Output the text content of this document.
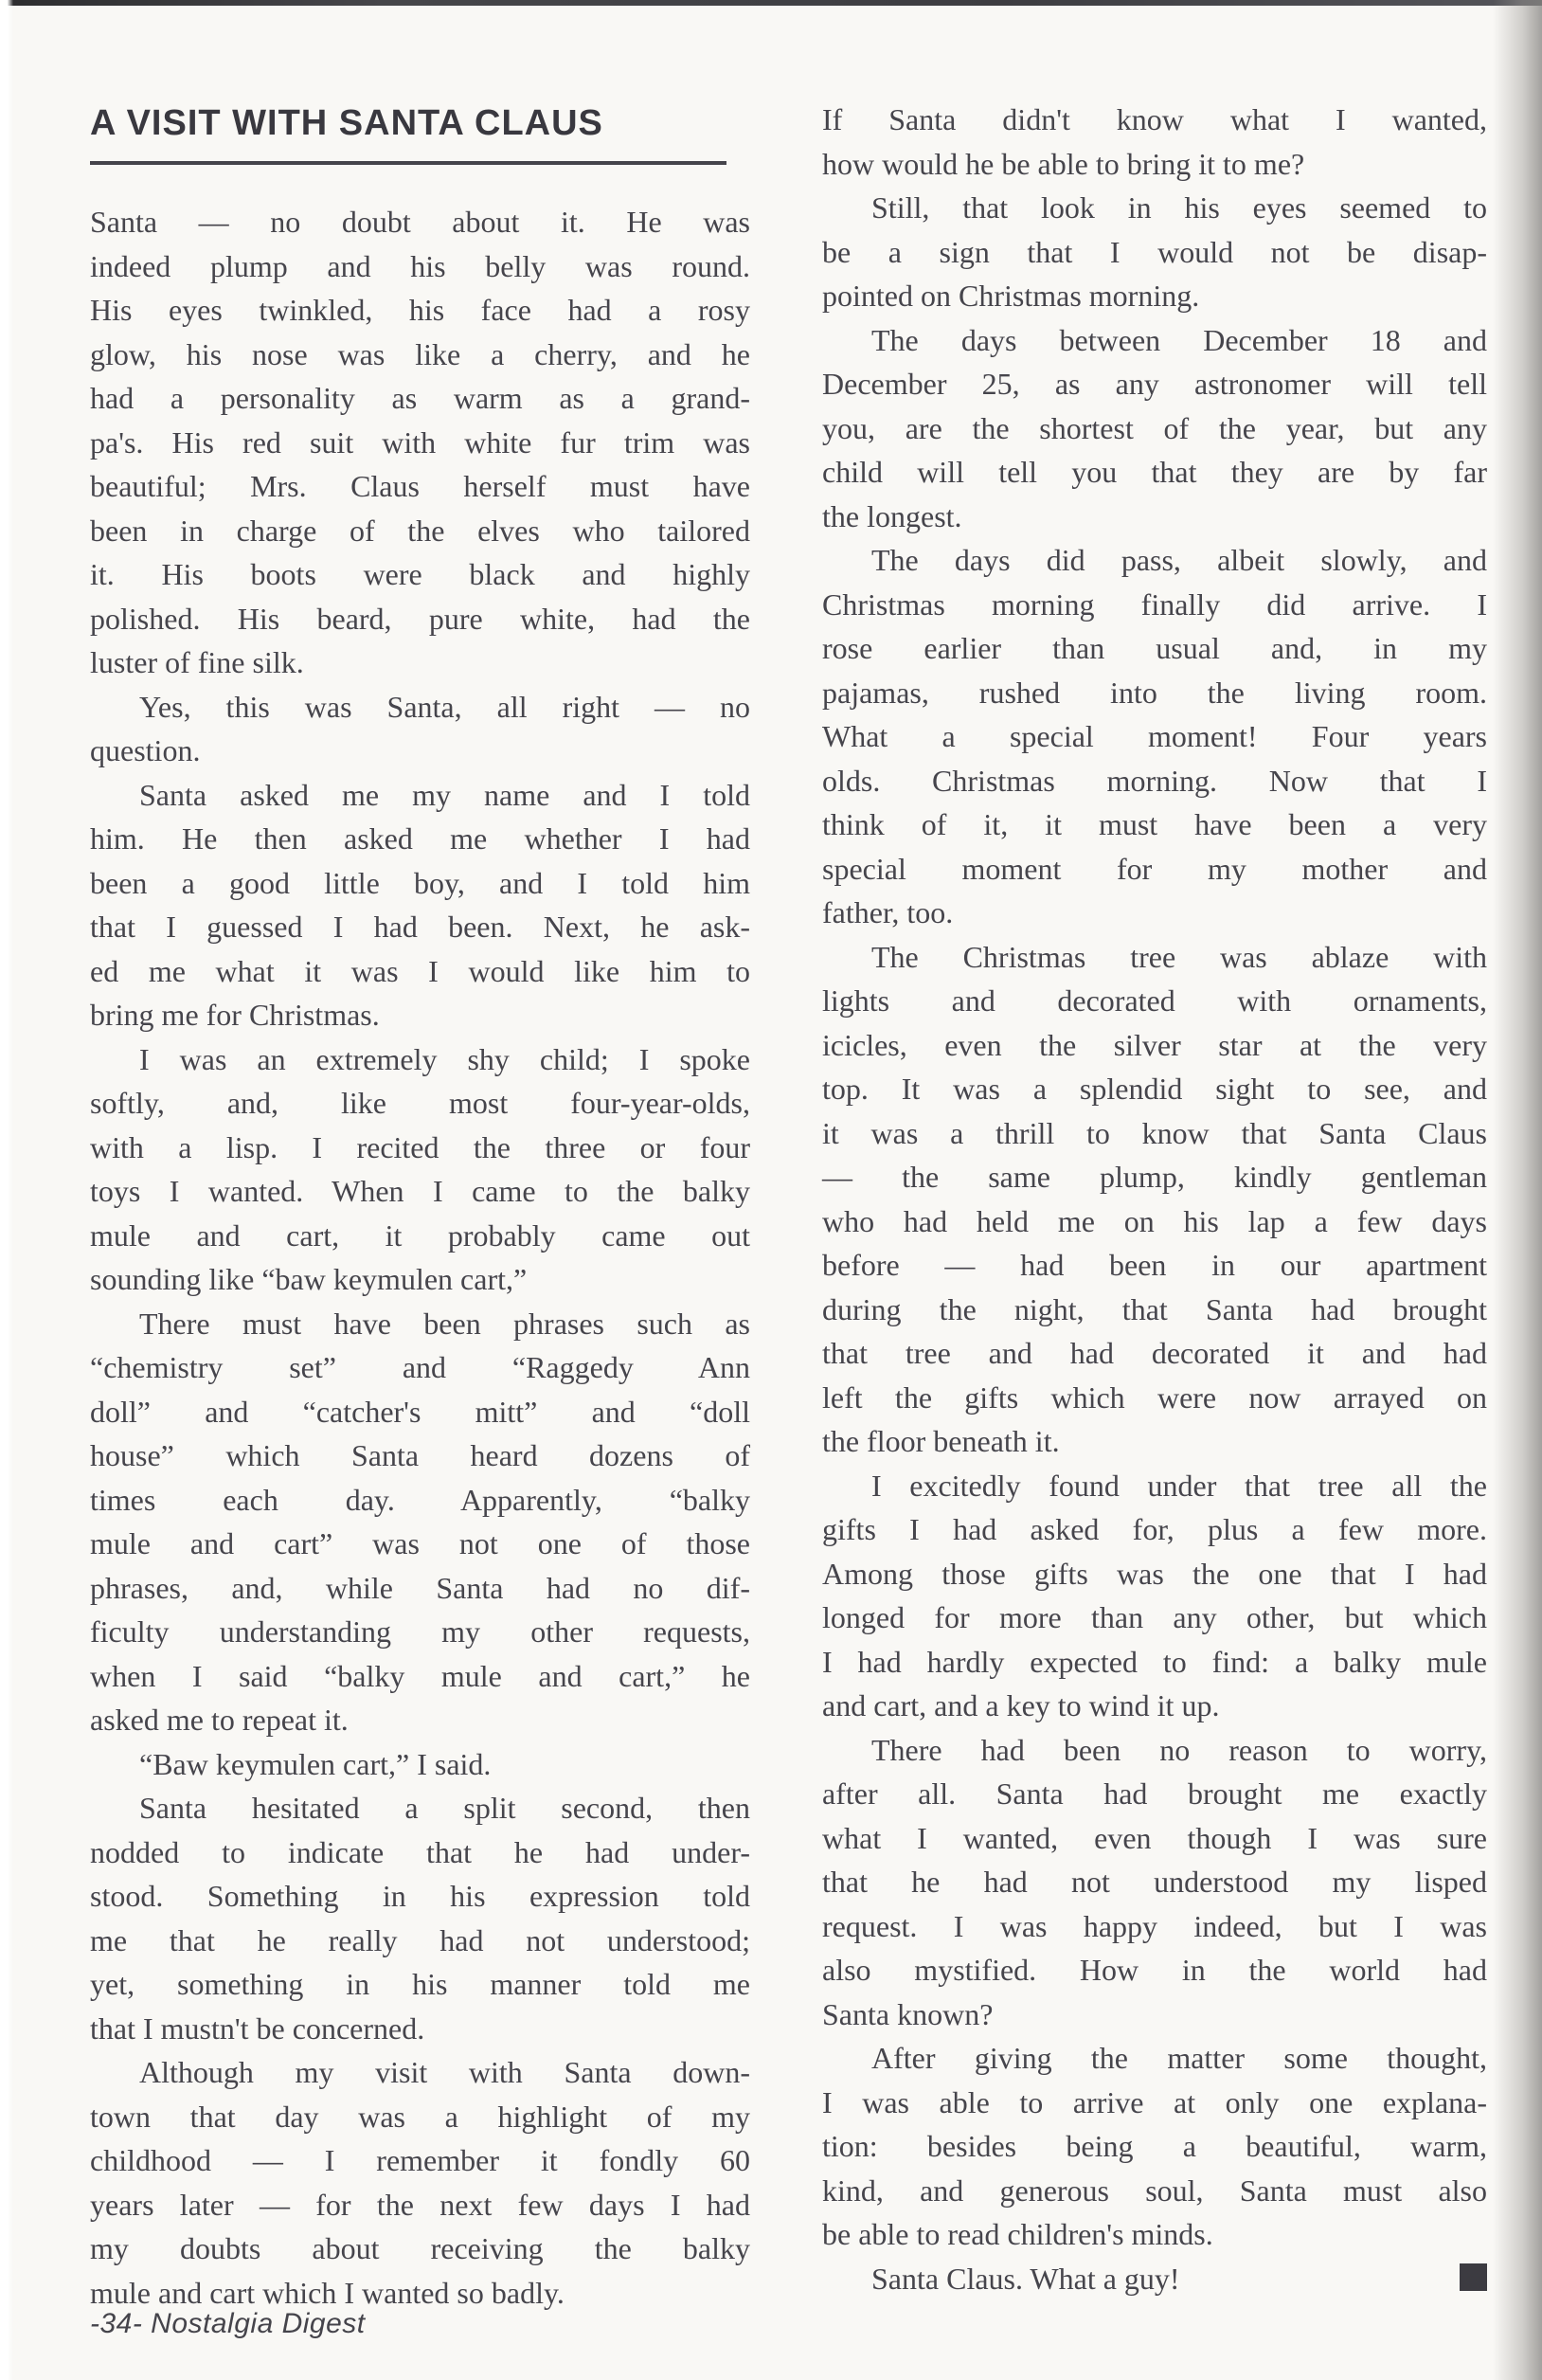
A VISIT WITH SANTA CLAUS
Santa — no doubt about it. He was
indeed plump and his belly was round.
His eyes twinkled, his face had a rosy
glow, his nose was like a cherry, and he
had a personality as warm as a grand-
pa's. His red suit with white fur trim was
beautiful; Mrs. Claus herself must have
been in charge of the elves who tailored
it. His boots were black and highly
polished. His beard, pure white, had the
luster of fine silk.
Yes, this was Santa, all right — no
question.
Santa asked me my name and I told
him. He then asked me whether I had
been a good little boy, and I told him
that I guessed I had been. Next, he ask-
ed me what it was I would like him to
bring me for Christmas.
I was an extremely shy child; I spoke
softly, and, like most four-year-olds,
with a lisp. I recited the three or four
toys I wanted. When I came to the balky
mule and cart, it probably came out
sounding like “baw keymulen cart,”
There must have been phrases such as
“chemistry set” and “Raggedy Ann
doll” and “catcher's mitt” and “doll
house” which Santa heard dozens of
times each day. Apparently, “balky
mule and cart” was not one of those
phrases, and, while Santa had no dif-
ficulty understanding my other requests,
when I said “balky mule and cart,” he
asked me to repeat it.
“Baw keymulen cart,” I said.
Santa hesitated a split second, then
nodded to indicate that he had under-
stood. Something in his expression told
me that he really had not understood;
yet, something in his manner told me
that I mustn't be concerned.
Although my visit with Santa down-
town that day was a highlight of my
childhood — I remember it fondly 60
years later — for the next few days I had
my doubts about receiving the balky
mule and cart which I wanted so badly.
If Santa didn't know what I wanted,
how would he be able to bring it to me?
Still, that look in his eyes seemed to
be a sign that I would not be disap-
pointed on Christmas morning.
The days between December 18 and
December 25, as any astronomer will tell
you, are the shortest of the year, but any
child will tell you that they are by far
the longest.
The days did pass, albeit slowly, and
Christmas morning finally did arrive. I
rose earlier than usual and, in my
pajamas, rushed into the living room.
What a special moment! Four years
olds. Christmas morning. Now that I
think of it, it must have been a very
special moment for my mother and
father, too.
The Christmas tree was ablaze with
lights and decorated with ornaments,
icicles, even the silver star at the very
top. It was a splendid sight to see, and
it was a thrill to know that Santa Claus
— the same plump, kindly gentleman
who had held me on his lap a few days
before — had been in our apartment
during the night, that Santa had brought
that tree and had decorated it and had
left the gifts which were now arrayed on
the floor beneath it.
I excitedly found under that tree all the
gifts I had asked for, plus a few more.
Among those gifts was the one that I had
longed for more than any other, but which
I had hardly expected to find: a balky mule
and cart, and a key to wind it up.
There had been no reason to worry,
after all. Santa had brought me exactly
what I wanted, even though I was sure
that he had not understood my lisped
request. I was happy indeed, but I was
also mystified. How in the world had
Santa known?
After giving the matter some thought,
I was able to arrive at only one explana-
tion: besides being a beautiful, warm,
kind, and generous soul, Santa must also
be able to read children's minds.
Santa Claus. What a guy!
-34- Nostalgia Digest
